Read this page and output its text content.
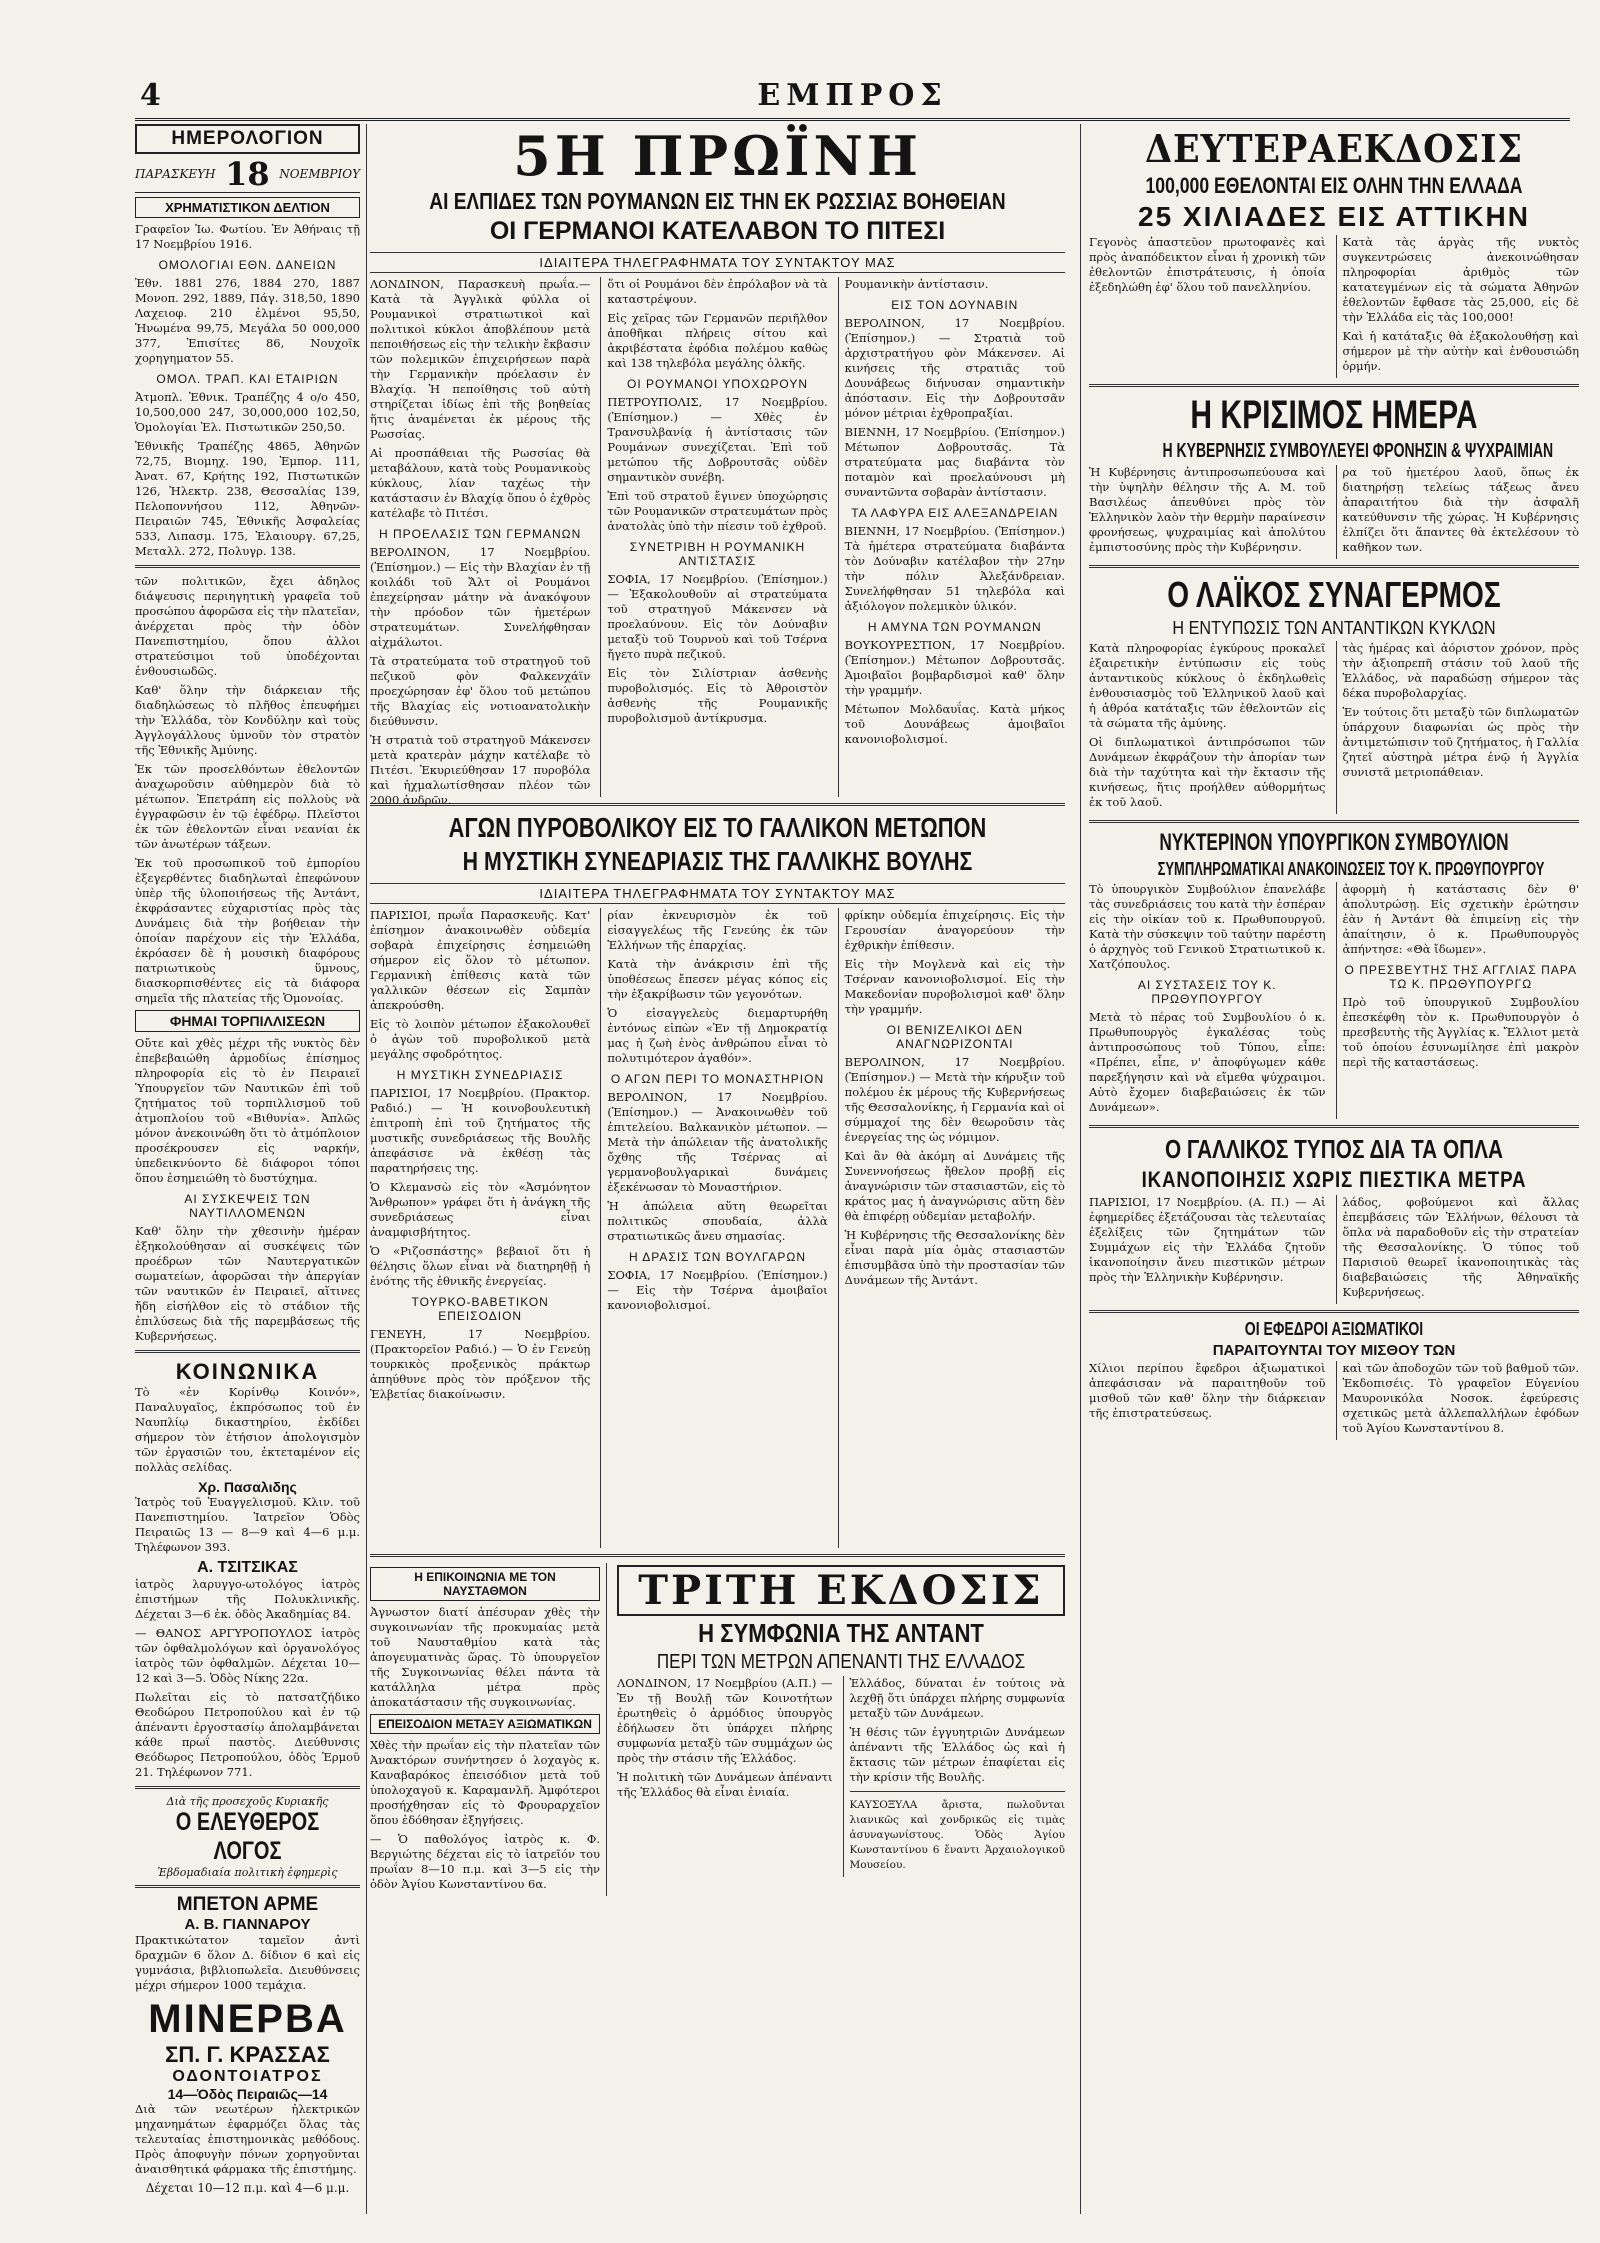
4	ΕΜΠΡΟΣ
ΗΜΕΡΟΛΟΓΙΟΝ
ΠΑΡΑΣΚΕΥΗ 18 ΝΟΕΜΒΡΙΟΥ
ΧΡΗΜΑΤΙΣΤΙΚΟΝ ΔΕΛΤΙΟΝ

Γραφεῖον Ἰω. Φωτίου. Ἐν Ἀθήναις τῇ 17 Νοεμβρίου 1916.

ΟΜΟΛΟΓΙΑΙ ΕΘΝ. ΔΑΝΕΙΩΝ

Ἐθν. 1881 276, 1884 270, 1887 Μονοπ. 292, 1889, Πάγ. 318,50, 1890 Λαχειοφ. 210 ἐλμένοι 95,50, Ἡνωμένα 99,75, Μεγάλα 50 000,000 377, Ἐπισίτες 86, Νουχοῖκ χορηγηματον 55.

ΟΜΟΛ. ΤΡΑΠ. ΚΑΙ ΕΤΑΙΡΙΩΝ

Ἀτμοπλ. Ἐθνικ. Τραπέζης 4 ο/ο 450, 10,500,000 247, 30,000,000 102,50, Ὁμολογίαι Ἐλ. Πιστωτικῶν 250,50.

Ἐθνικῆς Τραπέζης 4865, Ἀθηνῶν 72,75, Βιομηχ. 190, Ἐμπορ. 111, Ἀνατ. 67, Κρήτης 192, Πιστωτικῶν 126, Ἠλεκτρ. 238, Θεσσαλίας 139, Πελοποννήσου 112, Ἀθηνῶν-Πειραιῶν 745, Ἐθνικῆς Ἀσφαλείας 533, Λιπασμ. 175, Ἐλαιουργ. 67,25, Μεταλλ. 272, Πολυγρ. 138.

τῶν πολιτικῶν, ἔχει ἀδηλος διάψευσις περιηγητικὴ γραφεῖα τοῦ προσώπου ἀφορῶσα εἰς τὴν πλατεῖαν, ἀνέρχεται πρὸς τὴν ὁδὸν Πανεπιστημίου, ὅπου ἀλλοι στρατεύσιμοι τοῦ ὑποδέχονται ἐνθουσιωδῶς.

Καθ' ὅλην τὴν διάρκειαν τῆς διαδηλώσεως τὸ πλῆθος ἐπευφήμει τὴν Ἑλλάδα, τὸν Κονδύλην καὶ τοὺς Ἀγγλογάλλους ὑμνοῦν τὸν στρατὸν τῆς Ἐθνικῆς Ἀμύνης.

Ἐκ τῶν προσελθόντων ἐθελοντῶν ἀναχωροῦσιν αὐθημερὸν διὰ τὸ μέτωπον. Ἐπετράπη εἰς πολλοὺς νὰ ἐγγραφῶσιν ἐν τῷ ἐφέδρῳ. Πλεῖστοι ἐκ τῶν ἐθελοντῶν εἶναι νεανίαι ἐκ τῶν ἀνωτέρων τάξεων.

Ἐκ τοῦ προσωπικοῦ τοῦ ἐμπορίου ἐξεγερθέντες διαδηλωταὶ ἐπεφώνουν ὑπὲρ τῆς ὑλοποιήσεως τῆς Ἀντάντ, ἐκφράσαντες εὐχαριστίας πρὸς τὰς Δυνάμεις διὰ τὴν βοήθειαν τὴν ὁποίαν παρέχουν εἰς τὴν Ἑλλάδα, ἐκρόασεν δὲ ἡ μουσικὴ διαφόρους πατριωτικοὺς ὕμνους, διασκορπισθέντες εἰς τὰ διάφορα σημεῖα τῆς πλατείας τῆς Ὁμονοίας.

ΦΗΜΑΙ ΤΟΡΠΙΛΛΙΣΕΩΝ

Οὔτε καὶ χθὲς μέχρι τῆς νυκτὸς δὲν ἐπεβεβαιώθη ἀρμοδίως ἐπίσημος πληροφορία εἰς τὸ ἐν Πειραιεῖ Ὑπουργεῖον τῶν Ναυτικῶν ἐπὶ τοῦ ζητήματος τοῦ τορπιλλισμοῦ τοῦ ἀτμοπλοίου τοῦ «Βιθυνία». Ἀπλῶς μόνον ἀνεκοινώθη ὅτι τὸ ἀτμόπλοιον προσέκρουσεν εἰς ναρκήν, ὑπεδεικνύοντο δὲ διάφοροι τόποι ὅπου ἐσημειώθη τὸ δυστύχημα.

ΑΙ ΣΥΣΚΕΨΕΙΣ ΤΩΝ ΝΑΥΤΙΛΛΟΜΕΝΩΝ

Καθ' ὅλην τὴν χθεσινὴν ἡμέραν ἐξηκολούθησαν αἱ συσκέψεις τῶν προέδρων τῶν Ναυτεργατικῶν σωματείων, ἀφορῶσαι τὴν ἀπεργίαν τῶν ναυτικῶν ἐν Πειραιεῖ, αἵτινες ἤδη εἰσήλθον εἰς τὸ στάδιον τῆς ἐπιλύσεως διὰ τῆς παρεμβάσεως τῆς Κυβερνήσεως.

ΚΟΙΝΩΝΙΚΑ

Τὸ «ἐν Κορίνθῳ Κοινόν», Παναλυγαῖος, ἐκπρόσωπος τοῦ ἐν Ναυπλίῳ δικαστηρίου, ἐκδίδει σήμερον τὸν ἐτήσιον ἀπολογισμὸν τῶν ἐργασιῶν του, ἐκτεταμένον εἰς πολλὰς σελίδας.

Χρ. Πασαλιδης

Ἰατρὸς τοῦ Ἐυαγγελισμοῦ. Κλιν. τοῦ Πανεπιστημίου. Ἰατρεῖον Ὁδὸς Πειραιῶς 13 — 8—9 καὶ 4—6 μ.μ. Τηλέφωνον 393.

Α. ΤΣΙΤΣΙΚΑΣ

ἰατρὸς λαρυγγο-ωτολόγος ἰατρὸς ἐπιστήμων τῆς Πολυκλινικῆς. Δέχεται 3—6 ἐκ. ὁδὸς Ἀκαδημίας 84.

— ΘΑΝΟΣ ΑΡΓΥΡΟΠΟΥΛΟΣ ἰατρὸς τῶν ὀφθαλμολόγων καὶ ὀργανολόγος ἰατρὸς τῶν ὀφθαλμῶν. Δέχεται 10—12 καὶ 3—5. Ὁδὸς Νίκης 22α.

Πωλεῖται εἰς τὸ πατσατζήδικο Θεοδώρου Πετροπούλου καὶ ἐν τῷ ἀπέναντι ἐργοστασίῳ ἀπολαμβάνεται κάθε πρωΐ παστὸς. Διεύθυνσις Θεόδωρος Πετροπούλου, ὁδὸς Ἑρμοῦ 21. Τηλέφωνον 771.

Διὰ τῆς προσεχοῦς Κυριακῆς
Ο ΕΛΕΥΘΕΡΟΣ ΛΟΓΟΣ
Ἑβδομαδιαία πολιτικὴ ἐφημερὶς
ΜΠΕΤΟΝ ΑΡΜΕ
Α. Β. ΓΙΑΝΝΑΡΟΥ

Πρακτικώτατον ταμεῖον ἀντὶ δραχμῶν 6 ὅλον Δ. δίδιον 6 καὶ εἰς γυμνάσια, βιβλιοπωλεῖα. Διευθύνσεις μέχρι σήμερον 1000 τεμάχια.

ΜΙΝΕΡΒΑ
ΣΠ. Γ. ΚΡΑΣΣΑΣ
ΟΔΟΝΤΟΙΑΤΡΟΣ
14—Ὁδὸς Πειραιῶς—14

Διὰ τῶν νεωτέρων ἠλεκτρικῶν μηχανημάτων ἐφαρμόζει ὅλας τὰς τελευταίας ἐπιστημονικὰς μεθόδους. Πρὸς ἀποφυγὴν πόνων χορηγοῦνται ἀναισθητικά φάρμακα τῆς ἐπιστήμης.

Δέχεται 10—12 π.μ. καὶ 4—6 μ.μ.
5Η ΠΡΩΪΝΗ
ΑΙ ΕΛΠΙΔΕΣ ΤΩΝ ΡΟΥΜΑΝΩΝ ΕΙΣ ΤΗΝ ΕΚ ΡΩΣΣΙΑΣ ΒΟΗΘΕΙΑΝ
ΟΙ ΓΕΡΜΑΝΟΙ ΚΑΤΕΛΑΒΟΝ ΤΟ ΠΙΤΕΣΙ
ΙΔΙΑΙΤΕΡΑ ΤΗΛΕΓΡΑΦΗΜΑΤΑ ΤΟΥ ΣΥΝΤΑΚΤΟΥ ΜΑΣ

ΛΟΝΔΙΝΟΝ, Παρασκευὴ πρωΐα.— Κατὰ τὰ Ἀγγλικὰ φύλλα οἱ Ρουμανικοὶ στρατιωτικοὶ καὶ πολιτικοὶ κύκλοι ἀποβλέπουν μετὰ πεποιθήσεως εἰς τὴν τελικὴν ἔκβασιν τῶν πολεμικῶν ἐπιχειρήσεων παρὰ τὴν Γερμανικὴν πρόελασιν ἐν Βλαχίᾳ. Ἡ πεποίθησις τοῦ αὐτὴ στηρίζεται ἰδίως ἐπὶ τῆς βοηθείας ἥτις ἀναμένεται ἐκ μέρους τῆς Ρωσσίας.

Αἱ προσπάθειαι τῆς Ρωσσίας θὰ μεταβάλουν, κατὰ τοὺς Ρουμανικοὺς κύκλους, λίαν ταχέως τὴν κατάστασιν ἐν Βλαχίᾳ ὅπου ὁ ἐχθρὸς κατέλαβε τὸ Πιτέσι.

Η ΠΡΟΕΛΑΣΙΣ ΤΩΝ ΓΕΡΜΑΝΩΝ

ΒΕΡΟΛΙΝΟΝ, 17 Νοεμβρίου. (Ἐπίσημον.) — Εἰς τὴν Βλαχίαν ἐν τῇ κοιλάδι τοῦ Ἄλτ οἱ Ρουμάνοι ἐπεχείρησαν μάτην νὰ ἀνακόψουν τὴν πρόοδον τῶν ἡμετέρων στρατευμάτων. Συνελήφθησαν αἰχμάλωτοι.

Τὰ στρατεύματα τοῦ στρατηγοῦ τοῦ πεζικοῦ φὸν Φαλκενχάϊν προεχώρησαν ἐφ' ὅλου τοῦ μετώπου τῆς Βλαχίας εἰς νοτιοανατολικὴν διεύθυνσιν.

Ἡ στρατιὰ τοῦ στρατηγοῦ Μάκενσεν μετὰ κρατερὰν μάχην κατέλαβε τὸ Πιτέσι. Ἐκυριεύθησαν 17 πυροβόλα καὶ ἠχμαλωτίσθησαν πλέον τῶν 2000 ἀνδρῶν.

ὅτι οἱ Ρουμάνοι δὲν ἐπρόλαβον νὰ τὰ καταστρέψουν.

Εἰς χεῖρας τῶν Γερμανῶν περιῆλθον ἀποθῆκαι πλήρεις σίτου καὶ ἀκριβέστατα ἐφόδια πολέμου καθὼς καὶ 138 τηλεβόλα μεγάλης ὁλκῆς.

ΟΙ ΡΟΥΜΑΝΟΙ ΥΠΟΧΩΡΟΥΝ

ΠΕΤΡΟΥΠΟΛΙΣ, 17 Νοεμβρίου. (Ἐπίσημον.) — Χθὲς ἐν Τρανσυλβανίᾳ ἡ ἀντίστασις τῶν Ρουμάνων συνεχίζεται. Ἐπὶ τοῦ μετώπου τῆς Δοβρουτσᾶς οὐδὲν σημαντικὸν συνέβη.

Ἐπὶ τοῦ στρατοῦ ἔγινεν ὑποχώρησις τῶν Ρουμανικῶν στρατευμάτων πρὸς ἀνατολὰς ὑπὸ τὴν πίεσιν τοῦ ἐχθροῦ.

ΣΥΝΕΤΡΙΒΗ Η ΡΟΥΜΑΝΙΚΗ ΑΝΤΙΣΤΑΣΙΣ

ΣΟΦΙΑ, 17 Νοεμβρίου. (Ἐπίσημον.) — Ἐξακολουθοῦν αἱ στρατεύματα τοῦ στρατηγοῦ Μάκενσεν νὰ προελαύνουν. Εἰς τὸν Δούναβιν μεταξὺ τοῦ Τουρνοὺ καὶ τοῦ Τσέρνα ἤγετο πυρὰ πεζικοῦ.

Εἰς τὸν Σιλίστριαν ἀσθενὴς πυροβολισμός. Εἰς τὸ Ἀθροιστὸν ἀσθενὴς τῆς Ρουμανικῆς πυροβολισμοῦ ἀντίκρυσμα.

Ρουμανικὴν ἀντίστασιν.

ΕΙΣ ΤΟΝ ΔΟΥΝΑΒΙΝ

ΒΕΡΟΛΙΝΟΝ, 17 Νοεμβρίου. (Ἐπίσημον.) — Στρατιὰ τοῦ ἀρχιστρατήγου φὸν Μάκενσεν. Αἱ κινήσεις τῆς στρατιᾶς τοῦ Δουνάβεως διήνυσαν σημαντικὴν ἀπόστασιν. Εἰς τὴν Δοβρουτσᾶν μόνον μέτριαι ἐχθροπραξίαι.

ΒΙΕΝΝΗ, 17 Νοεμβρίου. (Ἐπίσημον.) Μέτωπον Δοβρουτσᾶς. Τὰ στρατεύματα μας διαβάντα τὸν ποταμὸν καὶ προελαύνουσι μὴ συναντῶντα σοβαρὰν ἀντίστασιν.

ΤΑ ΛΑΦΥΡΑ ΕΙΣ ΑΛΕΞΑΝΔΡΕΙΑΝ

ΒΙΕΝΝΗ, 17 Νοεμβρίου. (Ἐπίσημον.) Τὰ ἡμέτερα στρατεύματα διαβάντα τὸν Δούναβιν κατέλαβον τὴν 27ην τὴν πόλιν Ἀλεξάνδρειαν. Συνελήφθησαν 51 τηλεβόλα καὶ ἀξιόλογον πολεμικὸν ὑλικόν.

Η ΑΜΥΝΑ ΤΩΝ ΡΟΥΜΑΝΩΝ

ΒΟΥΚΟΥΡΕΣΤΙΟΝ, 17 Νοεμβρίου. (Ἐπίσημον.) Μέτωπον Δοβρουτσᾶς. Ἀμοιβαῖοι βομβαρδισμοὶ καθ' ὅλην τὴν γραμμήν.

Μέτωπον Μολδαυΐας. Κατὰ μήκος τοῦ Δουνάβεως ἀμοιβαῖοι κανονιοβολισμοί.

ΑΓΩΝ ΠΥΡΟΒΟΛΙΚΟΥ ΕΙΣ ΤΟ ΓΑΛΛΙΚΟΝ ΜΕΤΩΠΟΝ
Η ΜΥΣΤΙΚΗ ΣΥΝΕΔΡΙΑΣΙΣ ΤΗΣ ΓΑΛΛΙΚΗΣ ΒΟΥΛΗΣ
ΙΔΙΑΙΤΕΡΑ ΤΗΛΕΓΡΑΦΗΜΑΤΑ ΤΟΥ ΣΥΝΤΑΚΤΟΥ ΜΑΣ

ΠΑΡΙΣΙΟΙ, πρωΐα Παρασκευῆς. Κατ' ἐπίσημον ἀνακοινωθὲν οὐδεμία σοβαρὰ ἐπιχείρησις ἐσημειώθη σήμερον εἰς ὅλον τὸ μέτωπον. Γερμανικὴ ἐπίθεσις κατὰ τῶν γαλλικῶν θέσεων εἰς Σαμπὰν ἀπεκρούσθη.

Εἰς τὸ λοιπὸν μέτωπον ἐξακολουθεῖ ὁ ἀγὼν τοῦ πυροβολικοῦ μετὰ μεγάλης σφοδρότητος.

Η ΜΥΣΤΙΚΗ ΣΥΝΕΔΡΙΑΣΙΣ

ΠΑΡΙΣΙΟΙ, 17 Νοεμβρίου. (Πρακτορ. Ραδιό.) — Ἡ κοινοβουλευτικὴ ἐπιτροπὴ ἐπὶ τοῦ ζητήματος τῆς μυστικῆς συνεδριάσεως τῆς Βουλῆς ἀπεφάσισε νὰ ἐκθέσῃ τὰς παρατηρήσεις της.

Ὁ Κλεμανσὼ εἰς τὸν «Ἀσμόνητον Ἄνθρωπον» γράφει ὅτι ἡ ἀνάγκη τῆς συνεδριάσεως εἶναι ἀναμφισβήτητος.

Ὁ «Ριζοσπάστης» βεβαιοῖ ὅτι ἡ θέλησις ὅλων εἶναι νὰ διατηρηθῇ ἡ ἑνότης τῆς ἐθνικῆς ἐνεργείας.

ΤΟΥΡΚΟ-ΒΑΒΕΤΙΚΟΝ ΕΠΕΙΣΟΔΙΟΝ

ΓΕΝΕΥΗ, 17 Νοεμβρίου. (Πρακτορεῖον Ραδιό.) — Ὁ ἐν Γενεύῃ τουρκικὸς προξενικὸς πράκτωρ ἀπηύθυνε πρὸς τὸν πρόξενον τῆς Ἑλβετίας διακοίνωσιν.

ρίαν ἐκνευρισμὸν ἐκ τοῦ εἰσαγγελέως τῆς Γενεύης ἐκ τῶν Ἑλλήνων τῆς ἐπαρχίας.

Κατὰ τὴν ἀνάκρισιν ἐπὶ τῆς ὑποθέσεως ἔπεσεν μέγας κόπος εἰς τὴν ἐξακρίβωσιν τῶν γεγονότων.

Ὁ εἰσαγγελεὺς διεμαρτυρήθη ἐντόνως εἰπὼν «Ἐν τῇ Δημοκρατίᾳ μας ἡ ζωὴ ἐνὸς ἀνθρώπου εἶναι τὸ πολυτιμότερον ἀγαθόν».

Ο ΑΓΩΝ ΠΕΡΙ ΤΟ ΜΟΝΑΣΤΗΡΙΟΝ

ΒΕΡΟΛΙΝΟΝ, 17 Νοεμβρίου. (Ἐπίσημον.) — Ἀνακοινωθὲν τοῦ ἐπιτελείου. Βαλκανικὸν μέτωπον. — Μετὰ τὴν ἀπώλειαν τῆς ἀνατολικῆς ὄχθης τῆς Τσέρνας αἱ γερμανοβουλγαρικαὶ δυνάμεις ἐξεκένωσαν τὸ Μοναστήριον.

Ἡ ἀπώλεια αὕτη θεωρεῖται πολιτικῶς σπουδαία, ἀλλὰ στρατιωτικῶς ἄνευ σημασίας.

Η ΔΡΑΣΙΣ ΤΩΝ ΒΟΥΛΓΑΡΩΝ

ΣΟΦΙΑ, 17 Νοεμβρίου. (Ἐπίσημον.) — Εἰς τὴν Τσέρνα ἀμοιβαῖοι κανονιοβολισμοί.

φρίκην οὐδεμία ἐπιχείρησις. Εἰς τὴν Γερουσίαν ἀναγορεύουν τὴν ἐχθρικὴν ἐπίθεσιν.

Εἰς τὴν Μογλενὰ καὶ εἰς τὴν Τσέρναν κανονιοβολισμοί. Εἰς τὴν Μακεδονίαν πυροβολισμοὶ καθ' ὅλην τὴν γραμμήν.

ΟΙ ΒΕΝΙΖΕΛΙΚΟΙ ΔΕΝ ΑΝΑΓΝΩΡΙΖΟΝΤΑΙ

ΒΕΡΟΛΙΝΟΝ, 17 Νοεμβρίου. (Ἐπίσημον.) — Μετὰ τὴν κήρυξιν τοῦ πολέμου ἐκ μέρους τῆς Κυβερνήσεως τῆς Θεσσαλονίκης, ἡ Γερμανία καὶ οἱ σύμμαχοί της δὲν θεωροῦσιν τὰς ἐνεργείας της ὡς νόμιμον.

Καὶ ἂν θὰ ἀκόμη αἱ Δυνάμεις τῆς Συνεννοήσεως ἤθελον προβῇ εἰς ἀναγνώρισιν τῶν στασιαστῶν, εἰς τὸ κράτος μας ἡ ἀναγνώρισις αὕτη δὲν θὰ ἐπιφέρῃ οὐδεμίαν μεταβολήν.

Ἡ Κυβέρνησις τῆς Θεσσαλονίκης δὲν εἶναι παρὰ μία ὁμὰς στασιαστῶν ἐπισυμβᾶσα ὑπὸ τὴν προστασίαν τῶν Δυνάμεων τῆς Ἀντάντ.

Η ΕΠΙΚΟΙΝΩΝΙΑ ΜΕ ΤΟΝ ΝΑΥΣΤΑΘΜΟΝ

Ἀγνωστον διατί ἀπέσυραν χθὲς τὴν συγκοινωνίαν τῆς προκυμαίας μετὰ τοῦ Ναυσταθμίου κατὰ τὰς ἀπογευματινὰς ὥρας. Τὸ ὑπουργεῖον τῆς Συγκοινωνίας θέλει πάντα τὰ κατάλληλα μέτρα πρὸς ἀποκατάστασιν τῆς συγκοινωνίας.

ΕΠΕΙΣΟΔΙΟΝ ΜΕΤΑΞΥ ΑΞΙΩΜΑΤΙΚΩΝ

Χθὲς τὴν πρωΐαν εἰς τὴν πλατεῖαν τῶν Ἀνακτόρων συνήντησεν ὁ λοχαγὸς κ. Καναβαρόκος ἐπεισόδιον μετὰ τοῦ ὑπολοχαγοῦ κ. Καραμανλῆ. Ἀμφότεροι προσήχθησαν εἰς τὸ Φρουραρχεῖον ὅπου ἐδόθησαν ἐξηγήσεις.

— Ὁ παθολόγος ἰατρὸς κ. Φ. Βεργιώτης δέχεται εἰς τὸ ἰατρεῖόν του πρωΐαν 8—10 π.μ. καὶ 3—5 εἰς τὴν ὁδὸν Ἀγίου Κωνσταντίνου 6α.

ΤΡΙΤΗ ΕΚΔΟΣΙΣ
Η ΣΥΜΦΩΝΙΑ ΤΗΣ ΑΝΤΑΝΤ
ΠΕΡΙ ΤΩΝ ΜΕΤΡΩΝ ΑΠΕΝΑΝΤΙ ΤΗΣ ΕΛΛΑΔΟΣ

ΛΟΝΔΙΝΟΝ, 17 Νοεμβρίου (Α.Π.) — Ἐν τῇ Βουλῇ τῶν Κοινοτήτων ἐρωτηθεὶς ὁ ἀρμόδιος ὑπουργὸς ἐδήλωσεν ὅτι ὑπάρχει πλήρης συμφωνία μεταξὺ τῶν συμμάχων ὡς πρὸς τὴν στάσιν τῆς Ἑλλάδος.

Ἡ πολιτικὴ τῶν Δυνάμεων ἀπέναντι τῆς Ἑλλάδος θὰ εἶναι ἑνιαία.

Ἑλλάδος, δύναται ἐν τούτοις νὰ λεχθῇ ὅτι ὑπάρχει πλήρης συμφωνία μεταξὺ τῶν Δυνάμεων.

Ἡ θέσις τῶν ἐγγυητριῶν Δυνάμεων ἀπέναντι τῆς Ἑλλάδος ὡς καὶ ἡ ἔκτασις τῶν μέτρων ἐπαφίεται εἰς τὴν κρίσιν τῆς Βουλῆς.

ΚΑΥΣΟΞΥΛΑ ἄριστα, πωλοῦνται λιανικῶς καὶ χονδρικῶς εἰς τιμὰς ἀσυναγωνίστους. Ὁδὸς Ἀγίου Κωνσταντίνου 6 ἔναντι Ἀρχαιολογικοῦ Μουσείου.

ΔΕΥΤΕΡΑΕΚΔΟΣΙΣ
100,000 ΕΘΕΛΟΝΤΑΙ ΕΙΣ ΟΛΗΝ ΤΗΝ ΕΛΛΑΔΑ
25 ΧΙΛΙΑΔΕΣ ΕΙΣ ΑΤΤΙΚΗΝ

Γεγονὸς ἀπαστεῦον πρωτοφανὲς καὶ πρὸς ἀναπόδεικτον εἶναι ἡ χρονικὴ τῶν ἐθελοντῶν ἐπιστράτευσις, ἡ ὁποία ἐξεδηλώθη ἐφ' ὅλου τοῦ πανελληνίου.

Κατὰ τὰς ἀργὰς τῆς νυκτὸς συγκεντρώσεις ἀνεκοινώθησαν πληροφορίαι ἀριθμὸς τῶν κατατεγμένων εἰς τὰ σώματα Ἀθηνῶν ἐθελοντῶν ἔφθασε τὰς 25,000, εἰς δὲ τὴν Ἑλλάδα εἰς τὰς 100,000!

Καὶ ἡ κατάταξις θὰ ἐξακολουθήσῃ καὶ σήμερον μὲ τὴν αὐτὴν καὶ ἐνθουσιώδη ὁρμήν.

Η ΚΡΙΣΙΜΟΣ ΗΜΕΡΑ
Η ΚΥΒΕΡΝΗΣΙΣ ΣΥΜΒΟΥΛΕΥΕΙ ΦΡΟΝΗΣΙΝ & ΨΥΧΡΑΙΜΙΑΝ

Ἡ Κυβέρνησις ἀντιπροσωπεύουσα καὶ τὴν ὑψηλὴν θέλησιν τῆς Α. Μ. τοῦ Βασιλέως ἀπευθύνει πρὸς τὸν Ἑλληνικὸν λαὸν τὴν θερμὴν παραίνεσιν φρονήσεως, ψυχραιμίας καὶ ἀπολύτου ἐμπιστοσύνης πρὸς τὴν Κυβέρνησιν.

ρα τοῦ ἡμετέρου λαοῦ, ὅπως ἐκ διατηρήσῃ τελείως τάξεως ἄνευ ἀπαραιτήτου διὰ τὴν ἀσφαλῆ κατεύθυνσιν τῆς χώρας. Ἡ Κυβέρνησις ἐλπίζει ὅτι ἅπαντες θὰ ἐκτελέσουν τὸ καθῆκον των.

Ο ΛΑΪΚΟΣ ΣΥΝΑΓΕΡΜΟΣ
Η ΕΝΤΥΠΩΣΙΣ ΤΩΝ ΑΝΤΑΝΤΙΚΩΝ ΚΥΚΛΩΝ

Κατὰ πληροφορίας ἐγκύρους προκαλεῖ ἐξαιρετικὴν ἐντύπωσιν εἰς τοὺς ἀνταντικοὺς κύκλους ὁ ἐκδηλωθεὶς ἐνθουσιασμὸς τοῦ Ἑλληνικοῦ λαοῦ καὶ ἡ ἀθρόα κατάταξις τῶν ἐθελοντῶν εἰς τὰ σώματα τῆς ἀμύνης.

Οἱ διπλωματικοὶ ἀντιπρόσωποι τῶν Δυνάμεων ἐκφράζουν τὴν ἀπορίαν των διὰ τὴν ταχύτητα καὶ τὴν ἔκτασιν τῆς κινήσεως, ἥτις προήλθεν αὐθορμήτως ἐκ τοῦ λαοῦ.

τὰς ἡμέρας καὶ ἀόριστον χρόνον, πρὸς τὴν ἀξιοπρεπῆ στάσιν τοῦ λαοῦ τῆς Ἑλλάδος, νὰ παραδώσῃ σήμερον τὰς δέκα πυροβολαρχίας.

Ἐν τούτοις ὅτι μεταξὺ τῶν διπλωματῶν ὑπάρχουν διαφωνίαι ὡς πρὸς τὴν ἀντιμετώπισιν τοῦ ζητήματος, ἡ Γαλλία ζητεῖ αὐστηρὰ μέτρα ἐνῷ ἡ Ἀγγλία συνιστᾶ μετριοπάθειαν.

ΝΥΚΤΕΡΙΝΟΝ ΥΠΟΥΡΓΙΚΟΝ ΣΥΜΒΟΥΛΙΟΝ
ΣΥΜΠΛΗΡΩΜΑΤΙΚΑΙ ΑΝΑΚΟΙΝΩΣΕΙΣ ΤΟΥ Κ. ΠΡΩΘΥΠΟΥΡΓΟΥ

Τὸ ὑπουργικὸν Συμβούλιον ἐπανελάβε τὰς συνεδριάσεις του κατὰ τὴν ἑσπέραν εἰς τὴν οἰκίαν τοῦ κ. Πρωθυπουργοῦ. Κατὰ τὴν σύσκεψιν τοῦ ταύτην παρέστη ὁ ἀρχηγὸς τοῦ Γενικοῦ Στρατιωτικοῦ κ. Χατζόπουλος.

ΑΙ ΣΥΣΤΑΣΕΙΣ ΤΟΥ Κ. ΠΡΩΘΥΠΟΥΡΓΟΥ

Μετὰ τὸ πέρας τοῦ Συμβουλίου ὁ κ. Πρωθυπουργὸς ἐγκαλέσας τοὺς ἀντιπροσώπους τοῦ Τύπου, εἶπε: «Πρέπει, εἶπε, ν' ἀποφύγωμεν κάθε παρεξήγησιν καὶ νὰ εἴμεθα ψύχραιμοι. Αὐτὸ ἔχομεν διαβεβαιώσεις ἐκ τῶν Δυνάμεων».

ἀφορμὴ ἡ κατάστασις δὲν θ' ἀπολυτρώσῃ. Εἰς σχετικὴν ἐρώτησιν ἐὰν ἡ Ἀντάντ θὰ ἐπιμείνῃ εἰς τὴν ἀπαίτησιν, ὁ κ. Πρωθυπουργὸς ἀπήντησε: «Θὰ ἴδωμεν».

Ο ΠΡΕΣΒΕΥΤΗΣ ΤΗΣ ΑΓΓΛΙΑΣ ΠΑΡΑ ΤΩ Κ. ΠΡΩΘΥΠΟΥΡΓΩ

Πρὸ τοῦ ὑπουργικοῦ Συμβουλίου ἐπεσκέφθη τὸν κ. Πρωθυπουργὸν ὁ πρεσβευτὴς τῆς Ἀγγλίας κ. Ἔλλιοτ μετὰ τοῦ ὁποίου ἐσυνωμίλησε ἐπὶ μακρὸν περὶ τῆς καταστάσεως.

Ο ΓΑΛΛΙΚΟΣ ΤΥΠΟΣ ΔΙΑ ΤΑ ΟΠΛΑ
ΙΚΑΝΟΠΟΙΗΣΙΣ ΧΩΡΙΣ ΠΙΕΣΤΙΚΑ ΜΕΤΡΑ

ΠΑΡΙΣΙΟΙ, 17 Νοεμβρίου. (Α. Π.) — Αἱ ἐφημερίδες ἐξετάζουσαι τὰς τελευταίας ἐξελίξεις τῶν ζητημάτων τῶν Συμμάχων εἰς τὴν Ἑλλάδα ζητοῦν ἱκανοποίησιν ἄνευ πιεστικῶν μέτρων πρὸς τὴν Ἑλληνικὴν Κυβέρνησιν.

λάδος, φοβούμενοι καὶ ἄλλας ἐπεμβάσεις τῶν Ἑλλήνων, θέλουσι τὰ ὅπλα νὰ παραδοθοῦν εἰς τὴν στρατείαν τῆς Θεσσαλονίκης. Ὁ τύπος τοῦ Παρισιοῦ θεωρεῖ ἱκανοποιητικὰς τὰς διαβεβαιώσεις τῆς Ἀθηναϊκῆς Κυβερνήσεως.

ΟΙ ΕΦΕΔΡΟΙ ΑΞΙΩΜΑΤΙΚΟΙ
ΠΑΡΑΙΤΟΥΝΤΑΙ ΤΟΥ ΜΙΣΘΟΥ ΤΩΝ

Χίλιοι περίπου ἔφεδροι ἀξιωματικοὶ ἀπεφάσισαν νὰ παραιτηθοῦν τοῦ μισθοῦ τῶν καθ' ὅλην τὴν διάρκειαν τῆς ἐπιστρατεύσεως.

καὶ τῶν ἀποδοχῶν τῶν τοῦ βαθμοῦ τῶν. Ἐκδοπισέις. Τὸ γραφεῖον Εὐγενίου Μαυρονικόλα Νοσοκ. ἐφεύρεσις σχετικῶς μετὰ ἀλλεπαλλήλων ἐφόδων τοῦ Ἁγίου Κωνσταντίνου 8.
